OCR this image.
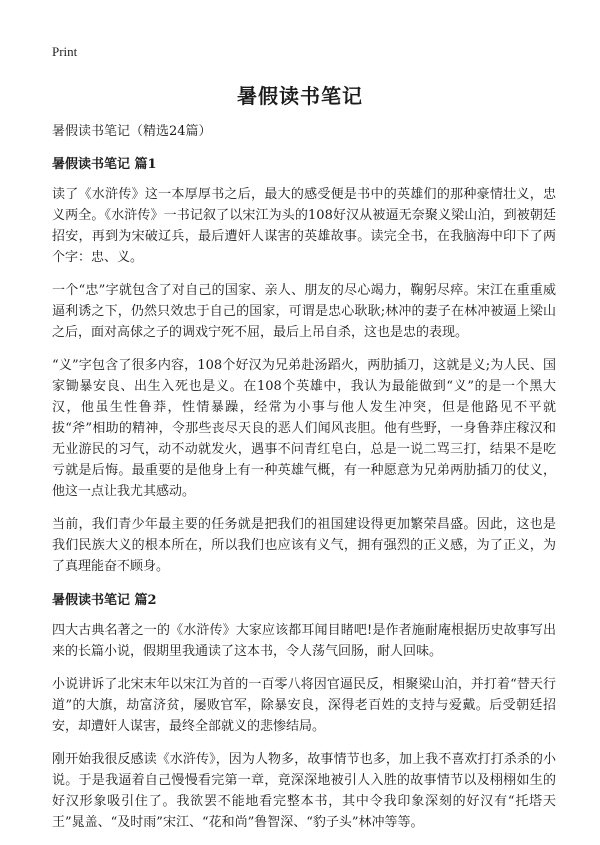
Print
暑假读书笔记
暑假读书笔记（精选24篇）
暑假读书笔记 篇1

读了《水浒传》这一本厚厚书之后，最大的感受便是书中的英雄们的那种豪情壮义，忠义两全。《水浒传》一书记叙了以宋江为头的108好汉从被逼无奈聚义梁山泊，到被朝廷招安，再到为宋破辽兵，最后遭奸人谋害的英雄故事。读完全书，在我脑海中印下了两个字：忠、义。

一个“忠”字就包含了对自己的国家、亲人、朋友的尽心竭力，鞠躬尽瘁。宋江在重重威逼利诱之下，仍然只效忠于自己的国家，可谓是忠心耿耿;林冲的妻子在林冲被逼上梁山之后，面对高俅之子的调戏宁死不屈，最后上吊自杀，这也是忠的表现。

“义”字包含了很多内容，108个好汉为兄弟赴汤蹈火，两肋插刀，这就是义;为人民、国家锄暴安良、出生入死也是义。在108个英雄中，我认为最能做到“义”的是一个黑大汉，他虽生性鲁莽，性情暴躁，经常为小事与他人发生冲突，但是他路见不平就拔“斧”相助的精神，令那些丧尽天良的恶人们闻风丧胆。他有些野，一身鲁莽庄稼汉和无业游民的习气，动不动就发火，遇事不问青红皂白，总是一说二骂三打，结果不是吃亏就是后悔。最重要的是他身上有一种英雄气概，有一种愿意为兄弟两肋插刀的仗义，他这一点让我尤其感动。

当前，我们青少年最主要的任务就是把我们的祖国建设得更加繁荣昌盛。因此，这也是我们民族大义的根本所在，所以我们也应该有义气，拥有强烈的正义感，为了正义，为了真理能奋不顾身。

暑假读书笔记 篇2

四大古典名著之一的《水浒传》大家应该都耳闻目睹吧!是作者施耐庵根据历史故事写出来的长篇小说，假期里我通读了这本书，令人荡气回肠，耐人回味。

小说讲诉了北宋末年以宋江为首的一百零八将因官逼民反，相聚梁山泊，并打着“替天行道”的大旗，劫富济贫，屡败官军，除暴安良，深得老百姓的支持与爱戴。后受朝廷招安，却遭奸人谋害，最终全部就义的悲惨结局。

刚开始我很反感读《水浒传》，因为人物多，故事情节也多，加上我不喜欢打打杀杀的小说。于是我逼着自己慢慢看完第一章，竟深深地被引人入胜的故事情节以及栩栩如生的好汉形象吸引住了。我欲罢不能地看完整本书，其中令我印象深刻的好汉有“托塔天王”晁盖、“及时雨”宋江、“花和尚”鲁智深、“豹子头”林冲等等。
